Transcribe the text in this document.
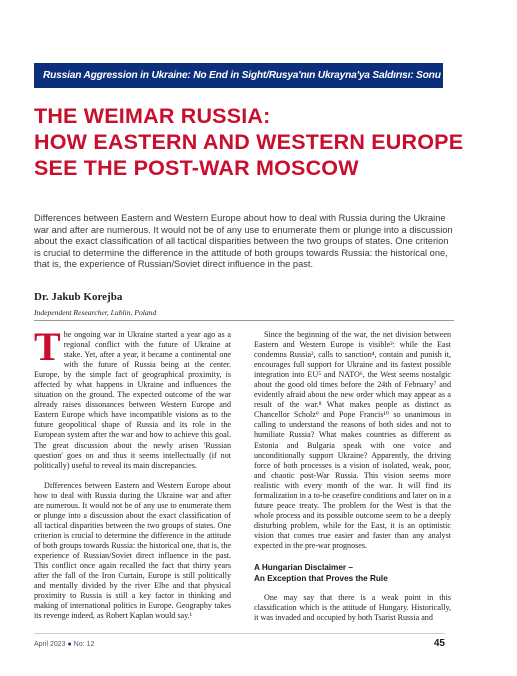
Russian Aggression in Ukraine: No End in Sight/Rusya'nın Ukrayna'ya Saldırısı: Sonu Görünmüyor - 3
THE WEIMAR RUSSIA:
HOW EASTERN AND WESTERN EUROPE
SEE THE POST-WAR MOSCOW
Differences between Eastern and Western Europe about how to deal with Russia during the Ukraine war and after are numerous. It would not be of any use to enumerate them or plunge into a discussion about the exact classification of all tactical disparities between the two groups of states. One criterion is crucial to determine the difference in the attitude of both groups towards Russia: the historical one, that is, the experience of Russian/Soviet direct influence in the past.
Dr. Jakub Korejba
Independent Researcher, Lublin, Poland

The ongoing war in Ukraine started a year ago as a regional conflict with the future of Ukraine at stake. Yet, after a year, it became a continental one with the future of Russia being at the center. Europe, by the simple fact of geographical proximity, is affected by what happens in Ukraine and influences the situation on the ground. The expected outcome of the war already raises dissonances between Western Europe and Eastern Europe which have incompatible visions as to the future geopolitical shape of Russia and its role in the European system after the war and how to achieve this goal. The great discussion about the newly arisen 'Russian question' goes on and thus it seems intellectually (if not politically) useful to reveal its main discrepancies.

Differences between Eastern and Western Europe about how to deal with Russia during the Ukraine war and after are numerous. It would not be of any use to enumerate them or plunge into a discussion about the exact classification of all tactical disparities between the two groups of states. One criterion is crucial to determine the difference in the attitude of both groups towards Russia: the historical one, that is, the experience of Russian/Soviet direct influence in the past. This conflict once again recalled the fact that thirty years after the fall of the Iron Curtain, Europe is still politically and mentally divided by the river Elbe and that physical proximity to Russia is still a key factor in thinking and making of international politics in Europe. Geography takes its revenge indeed, as Robert Kaplan would say.¹

Since the beginning of the war, the net division between Eastern and Western Europe is visible²: while the East condemns Russia³, calls to sanction⁴, contain and punish it, encourages full support for Ukraine and its fastest possible integration into EU⁵ and NATO⁶, the West seems nostalgic about the good old times before the 24th of February⁷ and evidently afraid about the new order which may appear as a result of the war.⁸ What makes people as distinct as Chancellor Scholz⁹ and Pope Francis¹⁰ so unanimous in calling to understand the reasons of both sides and not to humiliate Russia? What makes countries as different as Estonia and Bulgaria speak with one voice and unconditionally support Ukraine? Apparently, the driving force of both processes is a vision of isolated, weak, poor, and chaotic post-War Russia. This vision seems more realistic with every month of the war. It will find its formalization in a to-be ceasefire conditions and later on in a future peace treaty. The problem for the West is that the whole process and its possible outcome seem to be a deeply disturbing problem, while for the East, it is an optimistic vision that comes true easier and faster than any analyst expected in the pre-war prognoses.

A Hungarian Disclaimer –
An Exception that Proves the Rule

One may say that there is a weak point in this classification which is the attitude of Hungary. Historically, it was invaded and occupied by both Tsarist Russia and

April 2023 ● No: 12	45
